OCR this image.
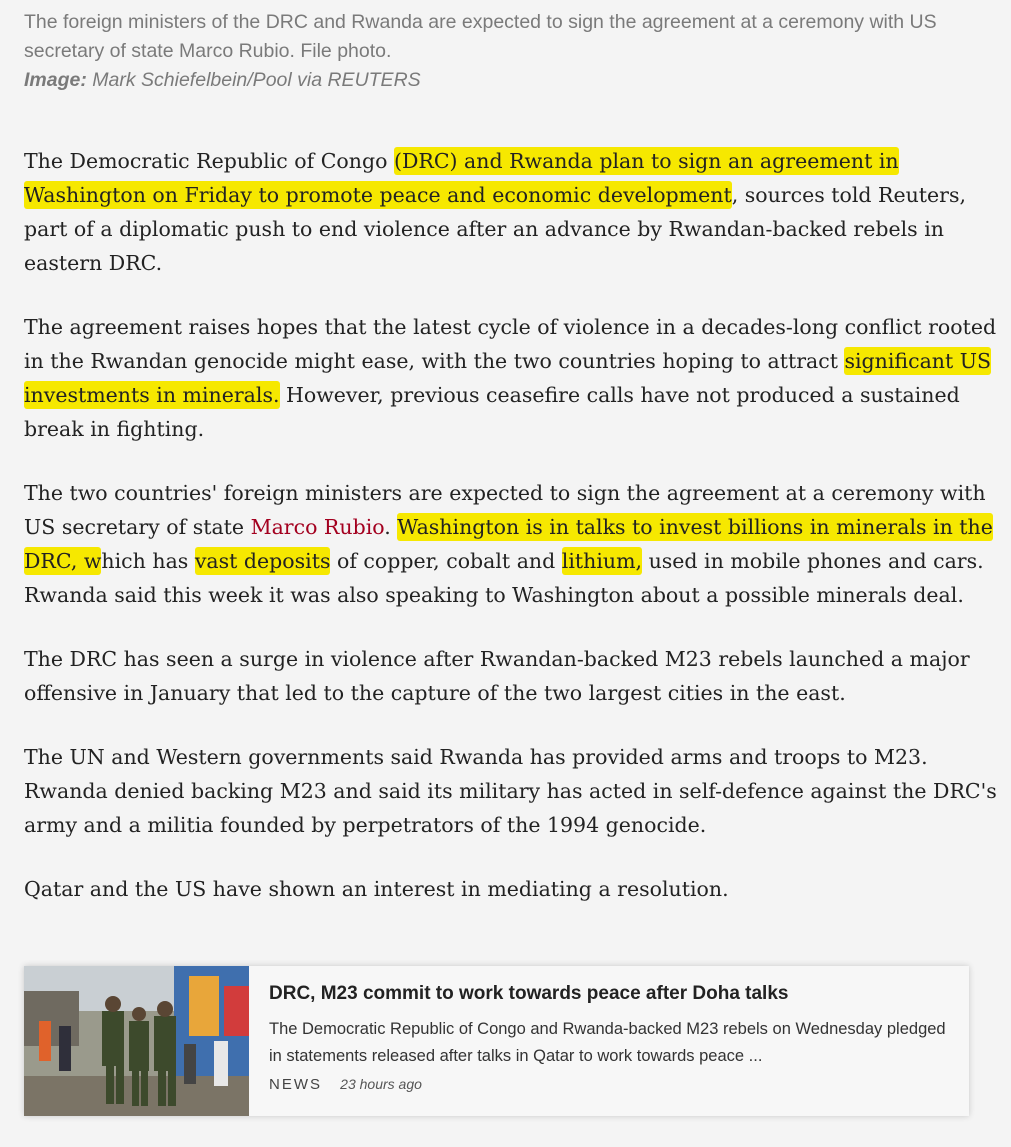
The foreign ministers of the DRC and Rwanda are expected to sign the agreement at a ceremony with US secretary of state Marco Rubio. File photo.
Image: Mark Schiefelbein/Pool via REUTERS

The Democratic Republic of Congo (DRC) and Rwanda plan to sign an agreement in Washington on Friday to promote peace and economic development, sources told Reuters, part of a diplomatic push to end violence after an advance by Rwandan-backed rebels in eastern DRC.

The agreement raises hopes that the latest cycle of violence in a decades-long conflict rooted in the Rwandan genocide might ease, with the two countries hoping to attract significant US investments in minerals. However, previous ceasefire calls have not produced a sustained break in fighting.

The two countries' foreign ministers are expected to sign the agreement at a ceremony with US secretary of state Marco Rubio. Washington is in talks to invest billions in minerals in the DRC, which has vast deposits of copper, cobalt and lithium, used in mobile phones and cars. Rwanda said this week it was also speaking to Washington about a possible minerals deal.

The DRC has seen a surge in violence after Rwandan-backed M23 rebels launched a major offensive in January that led to the capture of the two largest cities in the east.

The UN and Western governments said Rwanda has provided arms and troops to M23. Rwanda denied backing M23 and said its military has acted in self-defence against the DRC's army and a militia founded by perpetrators of the 1994 genocide.

Qatar and the US have shown an interest in mediating a resolution.

DRC, M23 commit to work towards peace after Doha talks
The Democratic Republic of Congo and Rwanda-backed M23 rebels on Wednesday pledged in statements released after talks in Qatar to work towards peace ...
NEWS 23 hours ago
